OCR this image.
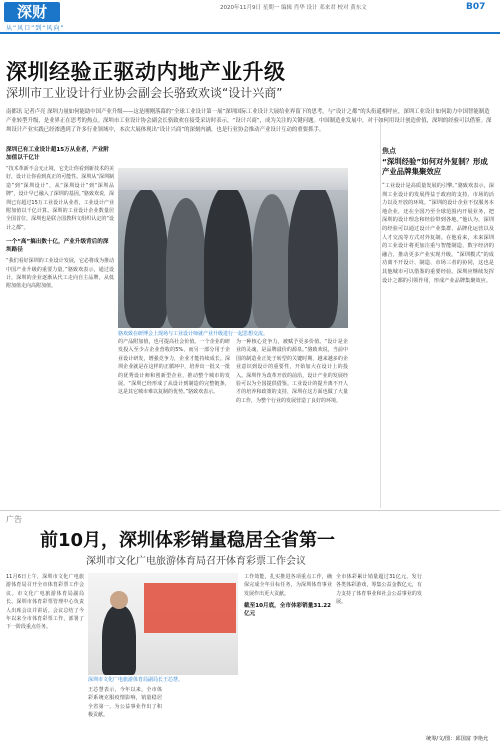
深财
从“风口”到“风向”
2020年11月9日 星期一 编辑 肖华 设计 邓来君 校对 黄东文	B07
深圳经验正驱动内地产业升级
深圳市工业设计行业协会副会长骆致欢谈“设计兴商”
南都讯 记者卢亮 深圳力量如何能助中国产业升级——这是刚刚落幕的“全球工业设计第一展”深圳国际工业设计大展给业界留下的思考。与“设计之都”的头衔遥相呼应，深圳工业设计如何助力中国智能制造产业转型升级，是业界正在思考的热点。深圳市工业设计协会副会长骆致欢在接受采访时表示，“设计兴商”，成为关注的关键问题。中国制造业发展中，对于如何用设计创造价值，深圳的经验可以借鉴。深圳设计产业实践已经渗透到了许多行业领域中，本次大展体现出“设计兴商”的深刻内涵，也是行业协会推动产业设计互动的重要抓手。
深圳已有工业设计超15万从业者，产业附加值以千亿计
“技术革新不会无止境，它先让你看到新技术的美好，设计让你看到真正的可能性。深圳从“深圳制造”到“深圳设计”，从“深圳设计”到“深圳品牌”，设计早已融入了深圳的基因。”骆致欢说，深圳已有超过15万工业设计从业者，工业设计产业附加值以千亿计算。深圳的工业设计企业数量居全国首位，深圳也是联合国教科文组织认定的“设计之都”。
一个“高”搞出数十亿，产业升级背后的深圳路径
“我们看好深圳的工业设计发展，它必将成为推动中国产业升级的重要力量。”骆致欢表示，通过设计，深圳的企业逐渐从代工走向自主品牌，从低附加值走向高附加值。
骆欢致在研博会上现场与工业设计师就产业升级进行一起思想交流。
的产品附加值，也可提高社会价值。一个企业的研发投入至少占企业营收的5%，而另一部分用于企业设计研发，增强竞争力，企业才能持续成长。深圳企业就是在这样的正循环中，培养出一批又一批的优秀设计师和创新型企业，推动整个城市的发展。“深圳已经形成了从设计到制造的完整链条，这是其它城市难以复制的优势。”骆致欢表示。
为一种核心竞争力，被赋予更多价值。“设计是企业的灵魂，是品牌溢价的源泉。”骆致欢说，当前中国的制造业正处于转型的关键时期，越来越多的企业意识到设计的重要性，开始加大在设计上的投入。深圳作为改革开放的前沿，设计产业的发展经验可以为全国提供借鉴。工业设计的提升离不开人才的培养和政策的支持，深圳在这方面也做了大量的工作，为整个行业的发展营造了良好的环境。
焦点
“深圳经验”如何对外复制？形成产业品牌集聚效应
“工业设计是高质量发展的引擎。”骆致欢表示，深圳工业设计的发展得益于政府的支持、市场的活力以及开放的环境。“深圳的设计企业不仅服务本地企业，还在全国乃至全球范围内开展业务，把深圳的设计理念和经验带到各地。”他认为，深圳的经验可以通过设计产业集群、品牌化运营以及人才交流等方式对外复制。在他看来，未来深圳的工业设计将更加注重与智能制造、数字经济的融合，推动更多产业实现升级。“深圳模式”的成功离不开设计、制造、市场三者的协同，这也是其他城市可以借鉴的重要经验。深圳应继续发挥设计之都的引领作用，形成产业品牌集聚效应。
广告
前10月，深圳体彩销量稳居全省第一
深圳市文化广电旅游体育局召开体育彩票工作会议
11月6日上午，深圳市文化广电旅游体育局召开全市体育彩票工作会议。市文化广电旅游体育局副局长、深圳市体育彩票管理中心负责人出席会议并讲话。会议总结了今年以来全市体育彩票工作，部署了下一阶段重点任务。
深圳市文化广电旅游体育局副局长王芯慧。
王芯慧表示，今年以来，全市体彩系统克服疫情影响，销量稳居全省第一，为公益事业作出了积极贡献。
工作效能，扎实推进各项重点工作，确保完成全年目标任务，为深圳体育事业发展作出更大贡献。
截至10月底，全市体彩销量31.22亿元
全市体彩累计销量超过31亿元，发行各类体彩游戏，筹集公益金数亿元，有力支持了体育事业和社会公益事业的发展。
统筹/文/图：邱国富 李艳允
